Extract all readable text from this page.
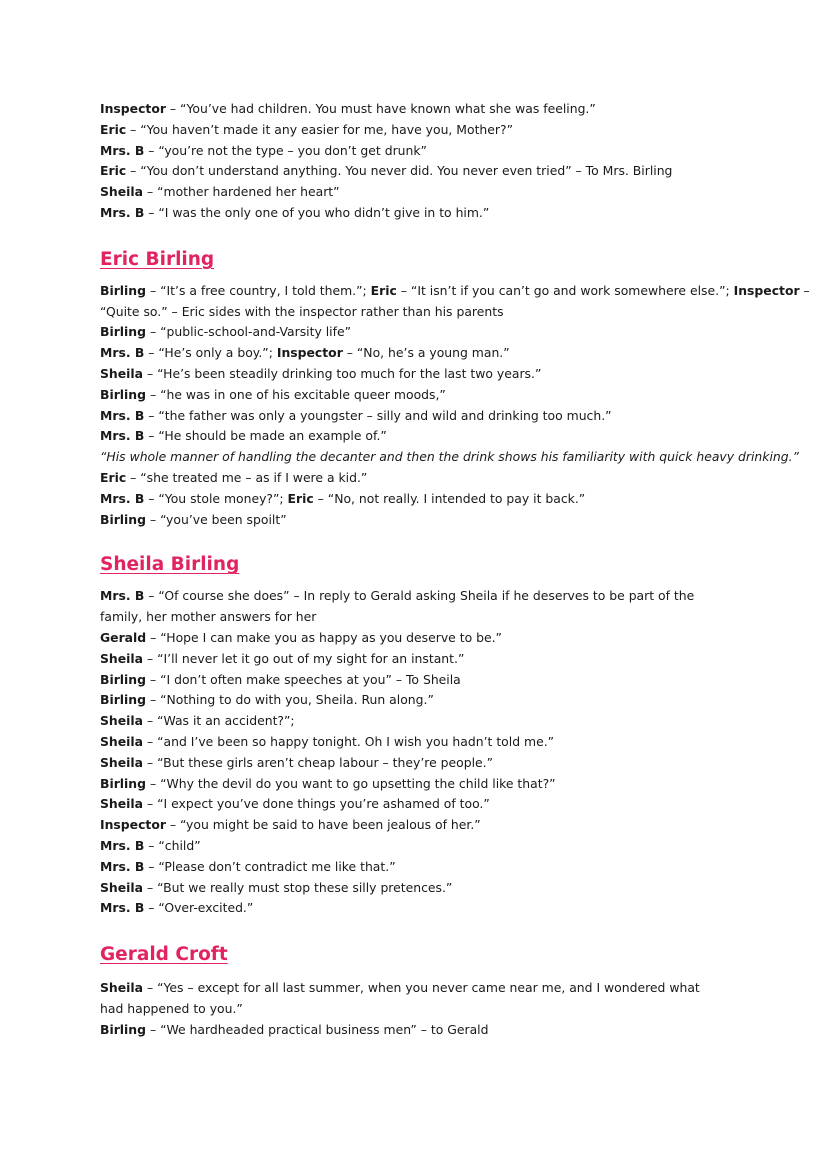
Inspector – “You’ve had children. You must have known what she was feeling.”

Eric – “You haven’t made it any easier for me, have you, Mother?”

Mrs. B – “you’re not the type – you don’t get drunk”

Eric – “You don’t understand anything. You never did. You never even tried” – To Mrs. Birling

Sheila – “mother hardened her heart”

Mrs. B – “I was the only one of you who didn’t give in to him.”

Eric Birling

Birling – “It’s a free country, I told them.”; Eric – “It isn’t if you can’t go and work somewhere else.”; Inspector –

“Quite so.” – Eric sides with the inspector rather than his parents

Birling – “public-school-and-Varsity life”

Mrs. B – “He’s only a boy.”; Inspector – “No, he’s a young man.”

Sheila – “He’s been steadily drinking too much for the last two years.”

Birling – “he was in one of his excitable queer moods,”

Mrs. B – “the father was only a youngster – silly and wild and drinking too much.”

Mrs. B – “He should be made an example of.”

“His whole manner of handling the decanter and then the drink shows his familiarity with quick heavy drinking.”

Eric – “she treated me – as if I were a kid.”

Mrs. B – “You stole money?”; Eric – “No, not really. I intended to pay it back.”

Birling – “you’ve been spoilt”

Sheila Birling

Mrs. B – “Of course she does” – In reply to Gerald asking Sheila if he deserves to be part of the family, her mother answers for her

Gerald – “Hope I can make you as happy as you deserve to be.”

Sheila – “I’ll never let it go out of my sight for an instant.”

Birling – “I don’t often make speeches at you” – To Sheila

Birling – “Nothing to do with you, Sheila. Run along.”

Sheila – “Was it an accident?”;

Sheila – “and I’ve been so happy tonight. Oh I wish you hadn’t told me.”

Sheila – “But these girls aren’t cheap labour – they’re people.”

Birling – “Why the devil do you want to go upsetting the child like that?”

Sheila – “I expect you’ve done things you’re ashamed of too.”

Inspector – “you might be said to have been jealous of her.”

Mrs. B – “child”

Mrs. B – “Please don’t contradict me like that.”

Sheila – “But we really must stop these silly pretences.”

Mrs. B – “Over-excited.”

Gerald Croft

Sheila – “Yes – except for all last summer, when you never came near me, and I wondered what had happened to you.”

Birling – “We hardheaded practical business men” – to Gerald
